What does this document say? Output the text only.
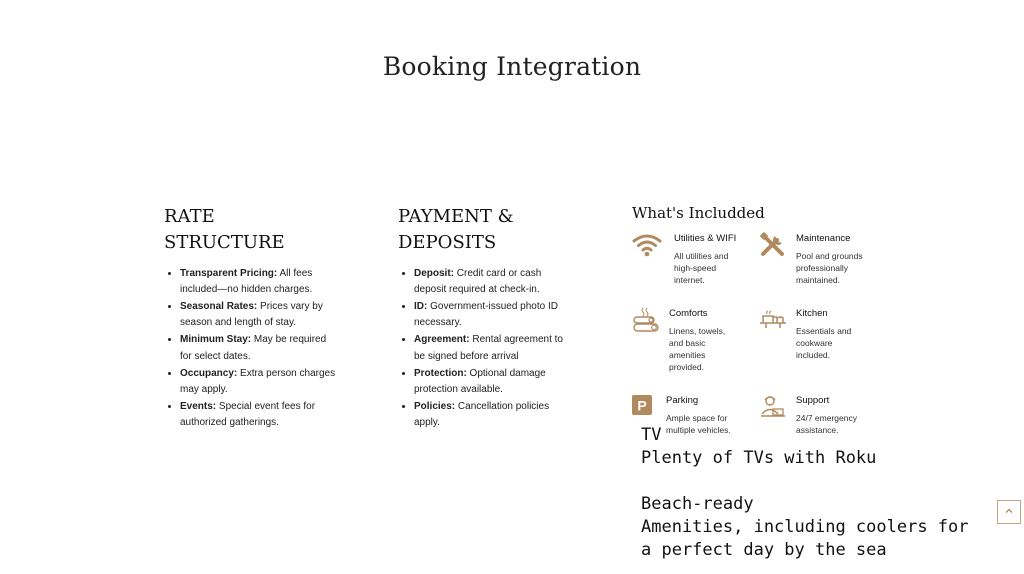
Booking Integration
RATE
STRUCTURE
• Transparent Pricing: All fees included—no hidden charges.
• Seasonal Rates: Prices vary by season and length of stay.
• Minimum Stay: May be required for select dates.
• Occupancy: Extra person charges may apply.
• Events: Special event fees for authorized gatherings.
PAYMENT &
DEPOSITS
• Deposit: Credit card or cash deposit required at check-in.
• ID: Government-issued photo ID necessary.
• Agreement: Rental agreement to be signed before arrival
• Protection: Optional damage protection available.
• Policies: Cancellation policies apply.
What's Includded
Utilities & WIFI
All utilities and high-speed internet.
Maintenance
Pool and grounds professionally maintained.
Comforts
Linens, towels, and basic amenities provided.
Kitchen
Essentials and cookware included.
P Parking
Ample space for multiple vehicles.
Support
24/7 emergency assistance.
TV
Plenty of TVs with Roku

Beach-ready
Amenities, including coolers for a perfect day by the sea
